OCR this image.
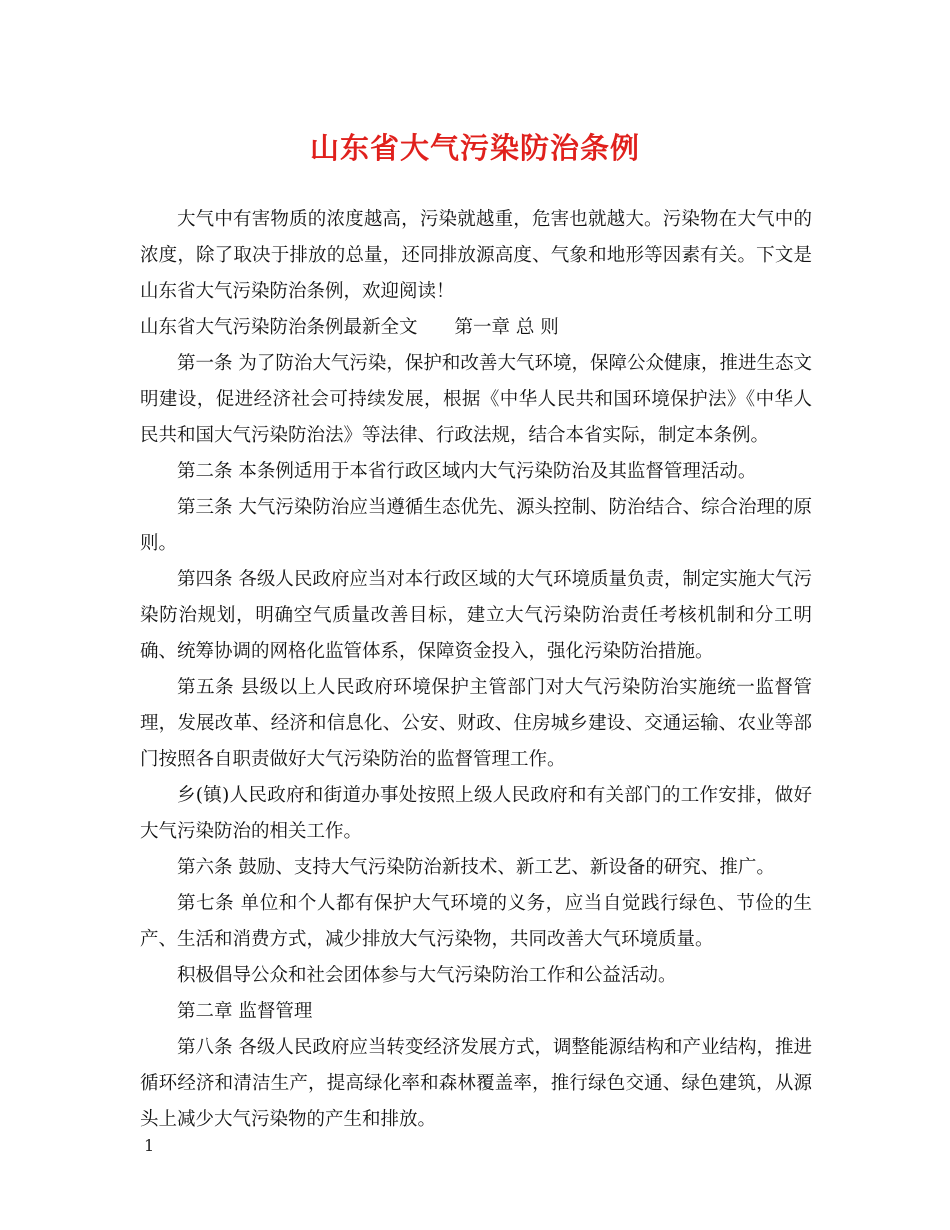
山东省大气污染防治条例

大气中有害物质的浓度越高，污染就越重，危害也就越大。污染物在大气中的浓度，除了取决于排放的总量，还同排放源高度、气象和地形等因素有关。下文是山东省大气污染防治条例，欢迎阅读！

山东省大气污染防治条例最新全文　　第一章 总 则

第一条 为了防治大气污染，保护和改善大气环境，保障公众健康，推进生态文明建设，促进经济社会可持续发展，根据《中华人民共和国环境保护法》《中华人民共和国大气污染防治法》等法律、行政法规，结合本省实际，制定本条例。

第二条 本条例适用于本省行政区域内大气污染防治及其监督管理活动。

第三条 大气污染防治应当遵循生态优先、源头控制、防治结合、综合治理的原则。

第四条 各级人民政府应当对本行政区域的大气环境质量负责，制定实施大气污染防治规划，明确空气质量改善目标，建立大气污染防治责任考核机制和分工明确、统筹协调的网格化监管体系，保障资金投入，强化污染防治措施。

第五条 县级以上人民政府环境保护主管部门对大气污染防治实施统一监督管理，发展改革、经济和信息化、公安、财政、住房城乡建设、交通运输、农业等部门按照各自职责做好大气污染防治的监督管理工作。

乡(镇)人民政府和街道办事处按照上级人民政府和有关部门的工作安排，做好大气污染防治的相关工作。

第六条 鼓励、支持大气污染防治新技术、新工艺、新设备的研究、推广。

第七条 单位和个人都有保护大气环境的义务，应当自觉践行绿色、节俭的生产、生活和消费方式，减少排放大气污染物，共同改善大气环境质量。

积极倡导公众和社会团体参与大气污染防治工作和公益活动。

第二章 监督管理

第八条 各级人民政府应当转变经济发展方式，调整能源结构和产业结构，推进循环经济和清洁生产，提高绿化率和森林覆盖率，推行绿色交通、绿色建筑，从源头上减少大气污染物的产生和排放。

1
